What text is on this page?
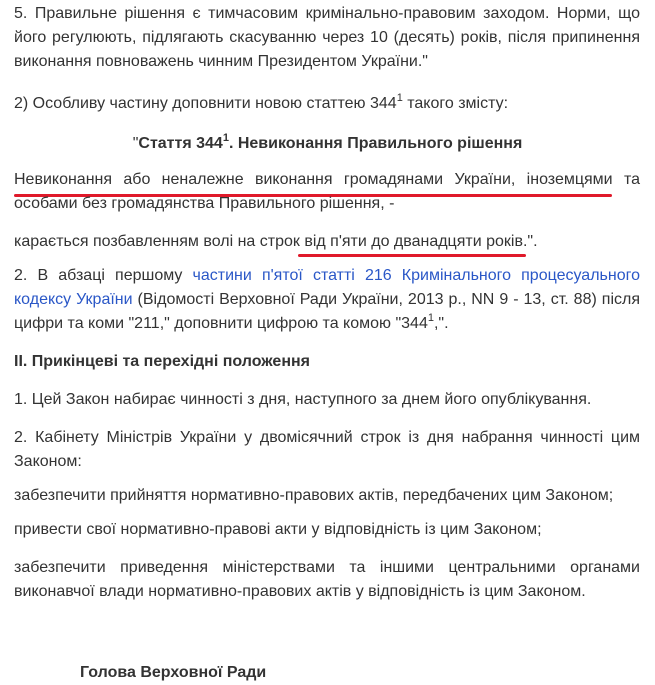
5. Правильне рішення є тимчасовим кримінально-правовим заходом. Норми, що його регулюють, підлягають скасуванню через 10 (десять) років, після припинення виконання повноважень чинним Президентом України."

2) Особливу частину доповнити новою статтею $344^1$ такого змісту:

"Стаття $344^1$. Невиконання Правильного рішення

Невиконання або неналежне виконання громадянами України, іноземцями та

особами без громадянства Правильного рішення, -

карається позбавленням волі на строк від п'яти до дванадцяти років.".

2. В абзаці першому частини п'ятої статті 216 Кримінального процесуального кодексу України (Відомості Верховної Ради України, 2013 р., NN 9 - 13, ст. 88) після цифри та коми "211," доповнити цифрою та комою "$344^1$,".

II. Прикінцеві та перехідні положення

1. Цей Закон набирає чинності з дня, наступного за днем його опублікування.

2. Кабінету Міністрів України у двомісячний строк із дня набрання чинності цим Законом:

забезпечити прийняття нормативно-правових актів, передбачених цим Законом;

привести свої нормативно-правові акти у відповідність із цим Законом;

забезпечити приведення міністерствами та іншими центральними органами виконавчої влади нормативно-правових актів у відповідність із цим Законом.

Голова Верховної Ради
